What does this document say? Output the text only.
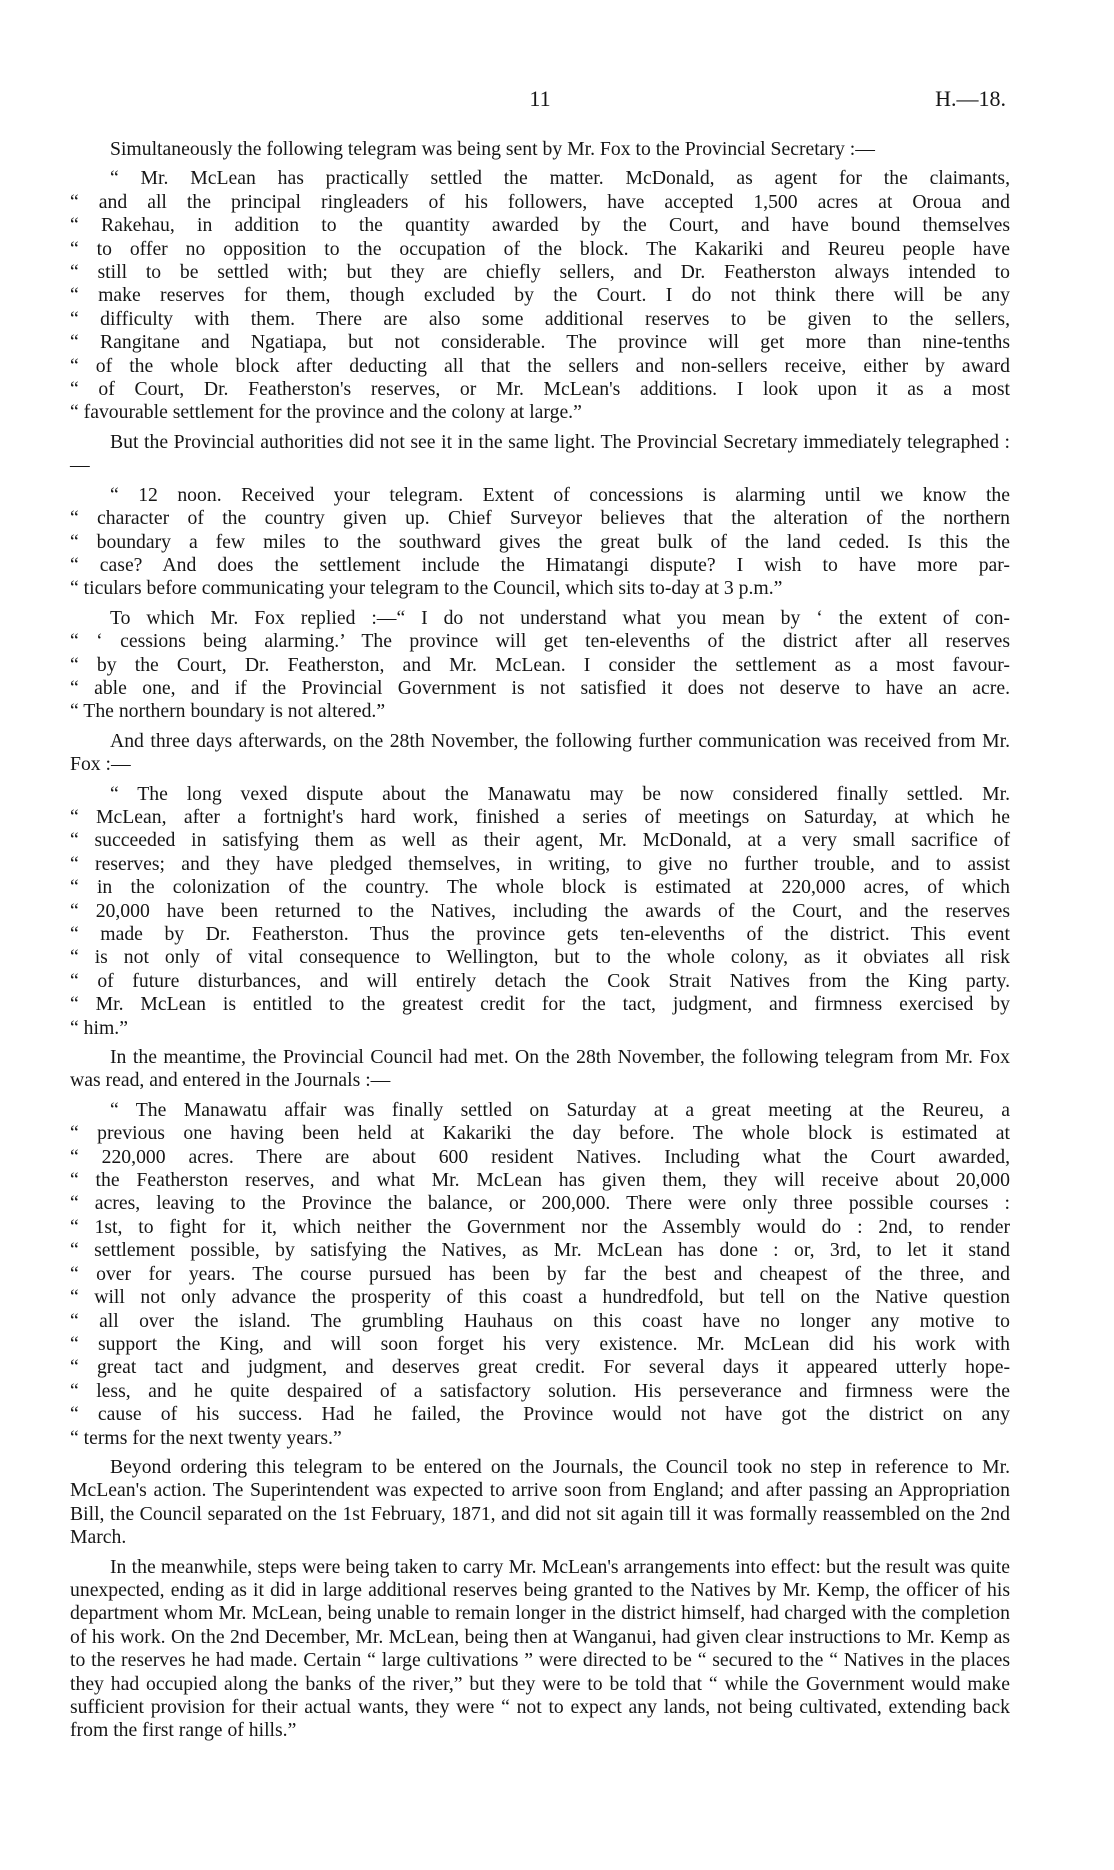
11	H.—18.

Simultaneously the following telegram was being sent by Mr. Fox to the Provincial Secretary :—

“ Mr. McLean has practically settled the matter. McDonald, as agent for the claimants,
“ and all the principal ringleaders of his followers, have accepted 1,500 acres at Oroua and
“ Rakehau, in addition to the quantity awarded by the Court, and have bound themselves
“ to offer no opposition to the occupation of the block. The Kakariki and Reureu people have
“ still to be settled with; but they are chiefly sellers, and Dr. Featherston always intended to
“ make reserves for them, though excluded by the Court. I do not think there will be any
“ difficulty with them. There are also some additional reserves to be given to the sellers,
“ Rangitane and Ngatiapa, but not considerable. The province will get more than nine-tenths
“ of the whole block after deducting all that the sellers and non-sellers receive, either by award
“ of Court, Dr. Featherston's reserves, or Mr. McLean's additions. I look upon it as a most
“ favourable settlement for the province and the colony at large.”

But the Provincial authorities did not see it in the same light. The Provincial Secretary immediately telegraphed :—

“ 12 noon. Received your telegram. Extent of concessions is alarming until we know the
“ character of the country given up. Chief Surveyor believes that the alteration of the northern
“ boundary a few miles to the southward gives the great bulk of the land ceded. Is this the
“ case? And does the settlement include the Himatangi dispute? I wish to have more par-
“ ticulars before communicating your telegram to the Council, which sits to-day at 3 p.m.”
To which Mr. Fox replied :—“ I do not understand what you mean by ‘ the extent of con-
“ ‘ cessions being alarming.’ The province will get ten-elevenths of the district after all reserves
“ by the Court, Dr. Featherston, and Mr. McLean. I consider the settlement as a most favour-
“ able one, and if the Provincial Government is not satisfied it does not deserve to have an acre.
“ The northern boundary is not altered.”

And three days afterwards, on the 28th November, the following further communication was received from Mr. Fox :—

“ The long vexed dispute about the Manawatu may be now considered finally settled. Mr.
“ McLean, after a fortnight's hard work, finished a series of meetings on Saturday, at which he
“ succeeded in satisfying them as well as their agent, Mr. McDonald, at a very small sacrifice of
“ reserves; and they have pledged themselves, in writing, to give no further trouble, and to assist
“ in the colonization of the country. The whole block is estimated at 220,000 acres, of which
“ 20,000 have been returned to the Natives, including the awards of the Court, and the reserves
“ made by Dr. Featherston. Thus the province gets ten-elevenths of the district. This event
“ is not only of vital consequence to Wellington, but to the whole colony, as it obviates all risk
“ of future disturbances, and will entirely detach the Cook Strait Natives from the King party.
“ Mr. McLean is entitled to the greatest credit for the tact, judgment, and firmness exercised by
“ him.”

In the meantime, the Provincial Council had met. On the 28th November, the following telegram from Mr. Fox was read, and entered in the Journals :—

“ The Manawatu affair was finally settled on Saturday at a great meeting at the Reureu, a
“ previous one having been held at Kakariki the day before. The whole block is estimated at
“ 220,000 acres. There are about 600 resident Natives. Including what the Court awarded,
“ the Featherston reserves, and what Mr. McLean has given them, they will receive about 20,000
“ acres, leaving to the Province the balance, or 200,000. There were only three possible courses :
“ 1st, to fight for it, which neither the Government nor the Assembly would do : 2nd, to render
“ settlement possible, by satisfying the Natives, as Mr. McLean has done : or, 3rd, to let it stand
“ over for years. The course pursued has been by far the best and cheapest of the three, and
“ will not only advance the prosperity of this coast a hundredfold, but tell on the Native question
“ all over the island. The grumbling Hauhaus on this coast have no longer any motive to
“ support the King, and will soon forget his very existence. Mr. McLean did his work with
“ great tact and judgment, and deserves great credit. For several days it appeared utterly hope-
“ less, and he quite despaired of a satisfactory solution. His perseverance and firmness were the
“ cause of his success. Had he failed, the Province would not have got the district on any
“ terms for the next twenty years.”

Beyond ordering this telegram to be entered on the Journals, the Council took no step in reference to Mr. McLean's action. The Superintendent was expected to arrive soon from England; and after passing an Appropriation Bill, the Council separated on the 1st February, 1871, and did not sit again till it was formally reassembled on the 2nd March.

In the meanwhile, steps were being taken to carry Mr. McLean's arrangements into effect: but the result was quite unexpected, ending as it did in large additional reserves being granted to the Natives by Mr. Kemp, the officer of his department whom Mr. McLean, being unable to remain longer in the district himself, had charged with the completion of his work. On the 2nd December, Mr. McLean, being then at Wanganui, had given clear instructions to Mr. Kemp as to the reserves he had made. Certain “ large cultivations ” were directed to be “ secured to the “ Natives in the places they had occupied along the banks of the river,” but they were to be told that “ while the Government would make sufficient provision for their actual wants, they were “ not to expect any lands, not being cultivated, extending back from the first range of hills.”
